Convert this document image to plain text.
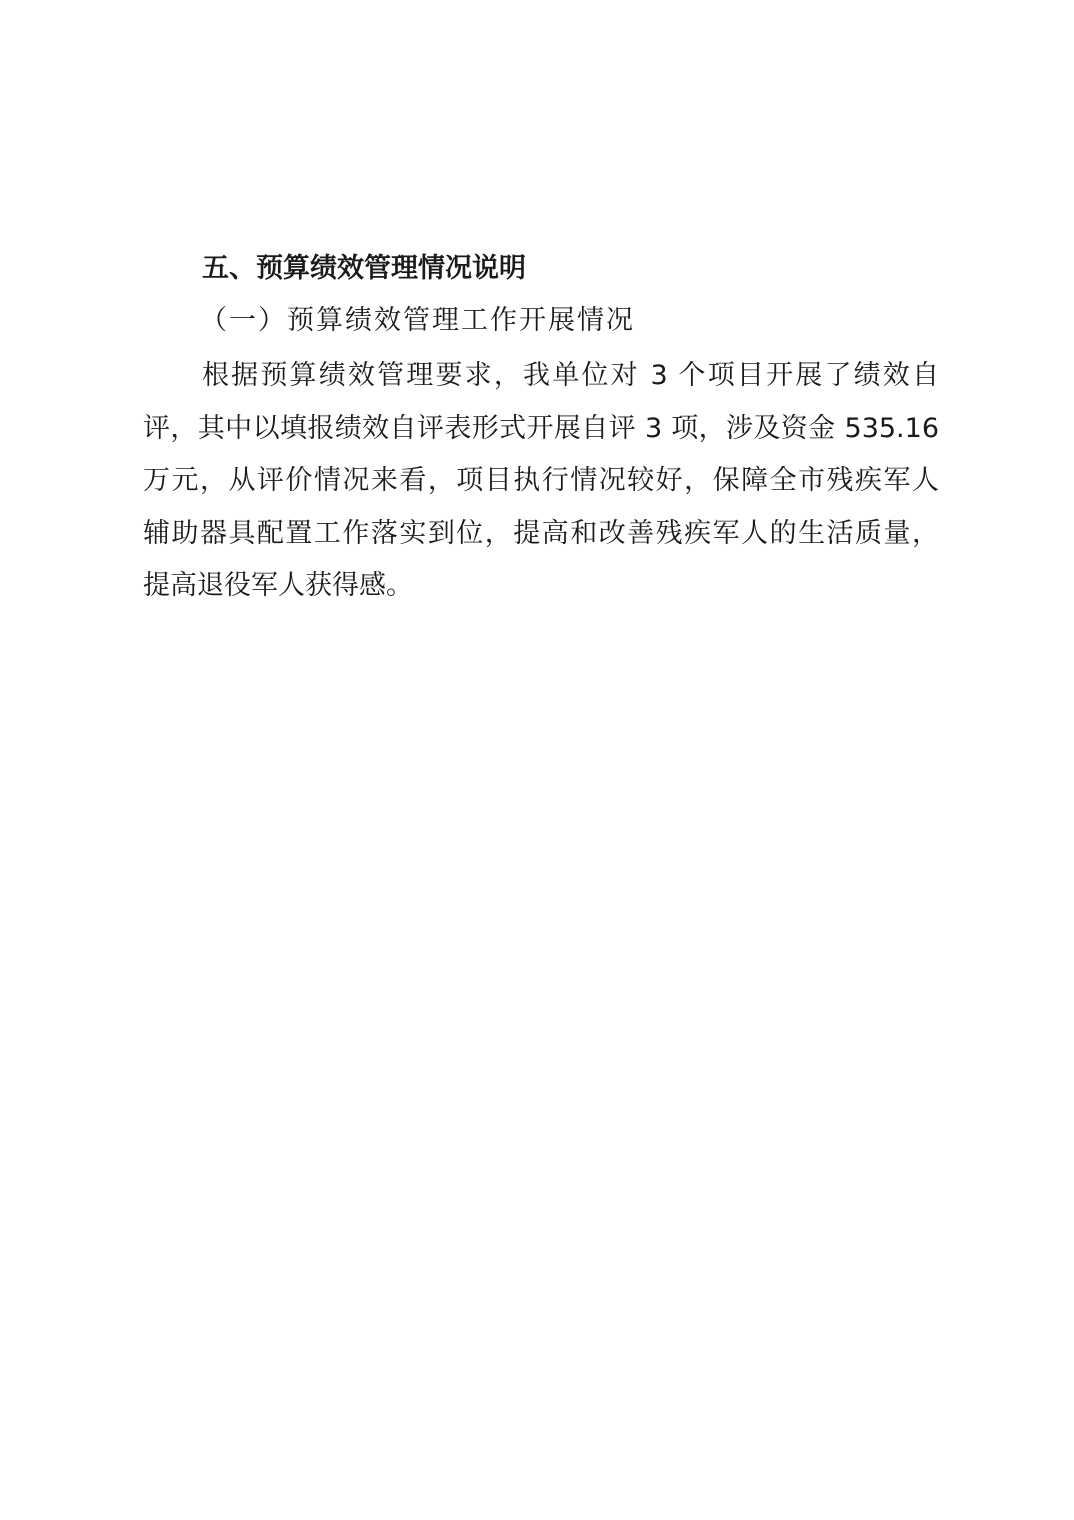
五、预算绩效管理情况说明
（一）预算绩效管理工作开展情况
根据预算绩效管理要求，我单位对 3 个项目开展了绩效自
评，其中以填报绩效自评表形式开展自评 3 项，涉及资金 535.16
万元，从评价情况来看，项目执行情况较好，保障全市残疾军人
辅助器具配置工作落实到位，提高和改善残疾军人的生活质量，
提高退役军人获得感。
